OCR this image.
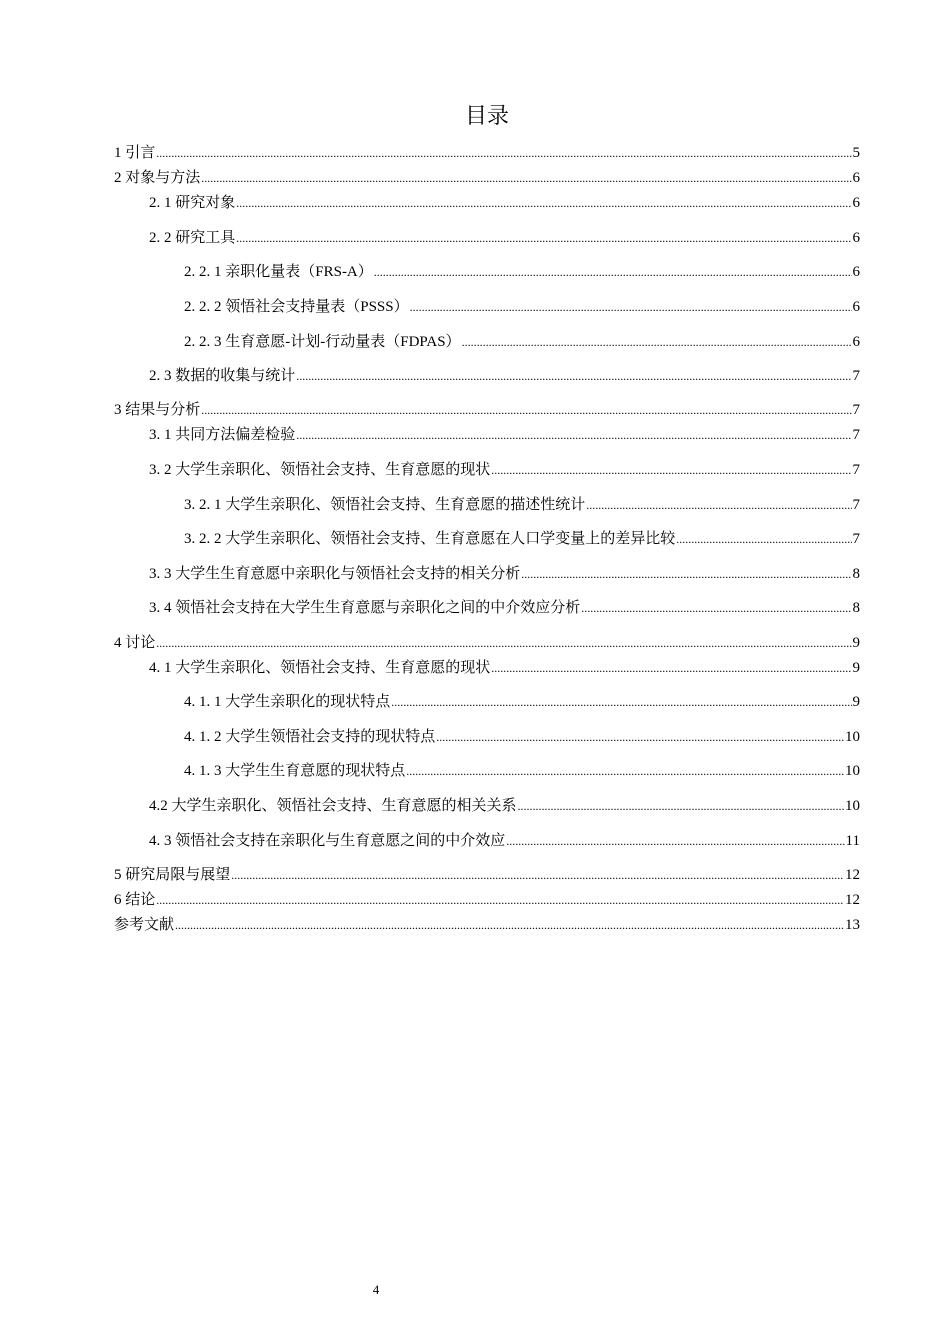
目录
1 引言 .....	5
2 对象与方法 .....	6
2. 1 研究对象 .....	6
2. 2 研究工具 .....	6
2. 2. 1 亲职化量表（FRS-A） .....	6
2. 2. 2 领悟社会支持量表（PSSS） .....	6
2. 2. 3 生育意愿-计划-行动量表（FDPAS） .....	6
2. 3 数据的收集与统计 .....	7
3 结果与分析 .....	7
3. 1 共同方法偏差检验 .....	7
3. 2 大学生亲职化、领悟社会支持、生育意愿的现状 .....	7
3. 2. 1 大学生亲职化、领悟社会支持、生育意愿的描述性统计 .....	7
3. 2. 2 大学生亲职化、领悟社会支持、生育意愿在人口学变量上的差异比较 .....	7
3. 3 大学生生育意愿中亲职化与领悟社会支持的相关分析 .....	8
3. 4 领悟社会支持在大学生生育意愿与亲职化之间的中介效应分析 .....	8
4 讨论 .....	9
4. 1 大学生亲职化、领悟社会支持、生育意愿的现状 .....	9
4. 1. 1 大学生亲职化的现状特点 .....	9
4. 1. 2 大学生领悟社会支持的现状特点 .....	10
4. 1. 3 大学生生育意愿的现状特点 .....	10
4.2 大学生亲职化、领悟社会支持、生育意愿的相关关系 .....	10
4. 3 领悟社会支持在亲职化与生育意愿之间的中介效应 .....	11
5 研究局限与展望 .....	12
6 结论 .....	12
参考文献 .....	13
4
